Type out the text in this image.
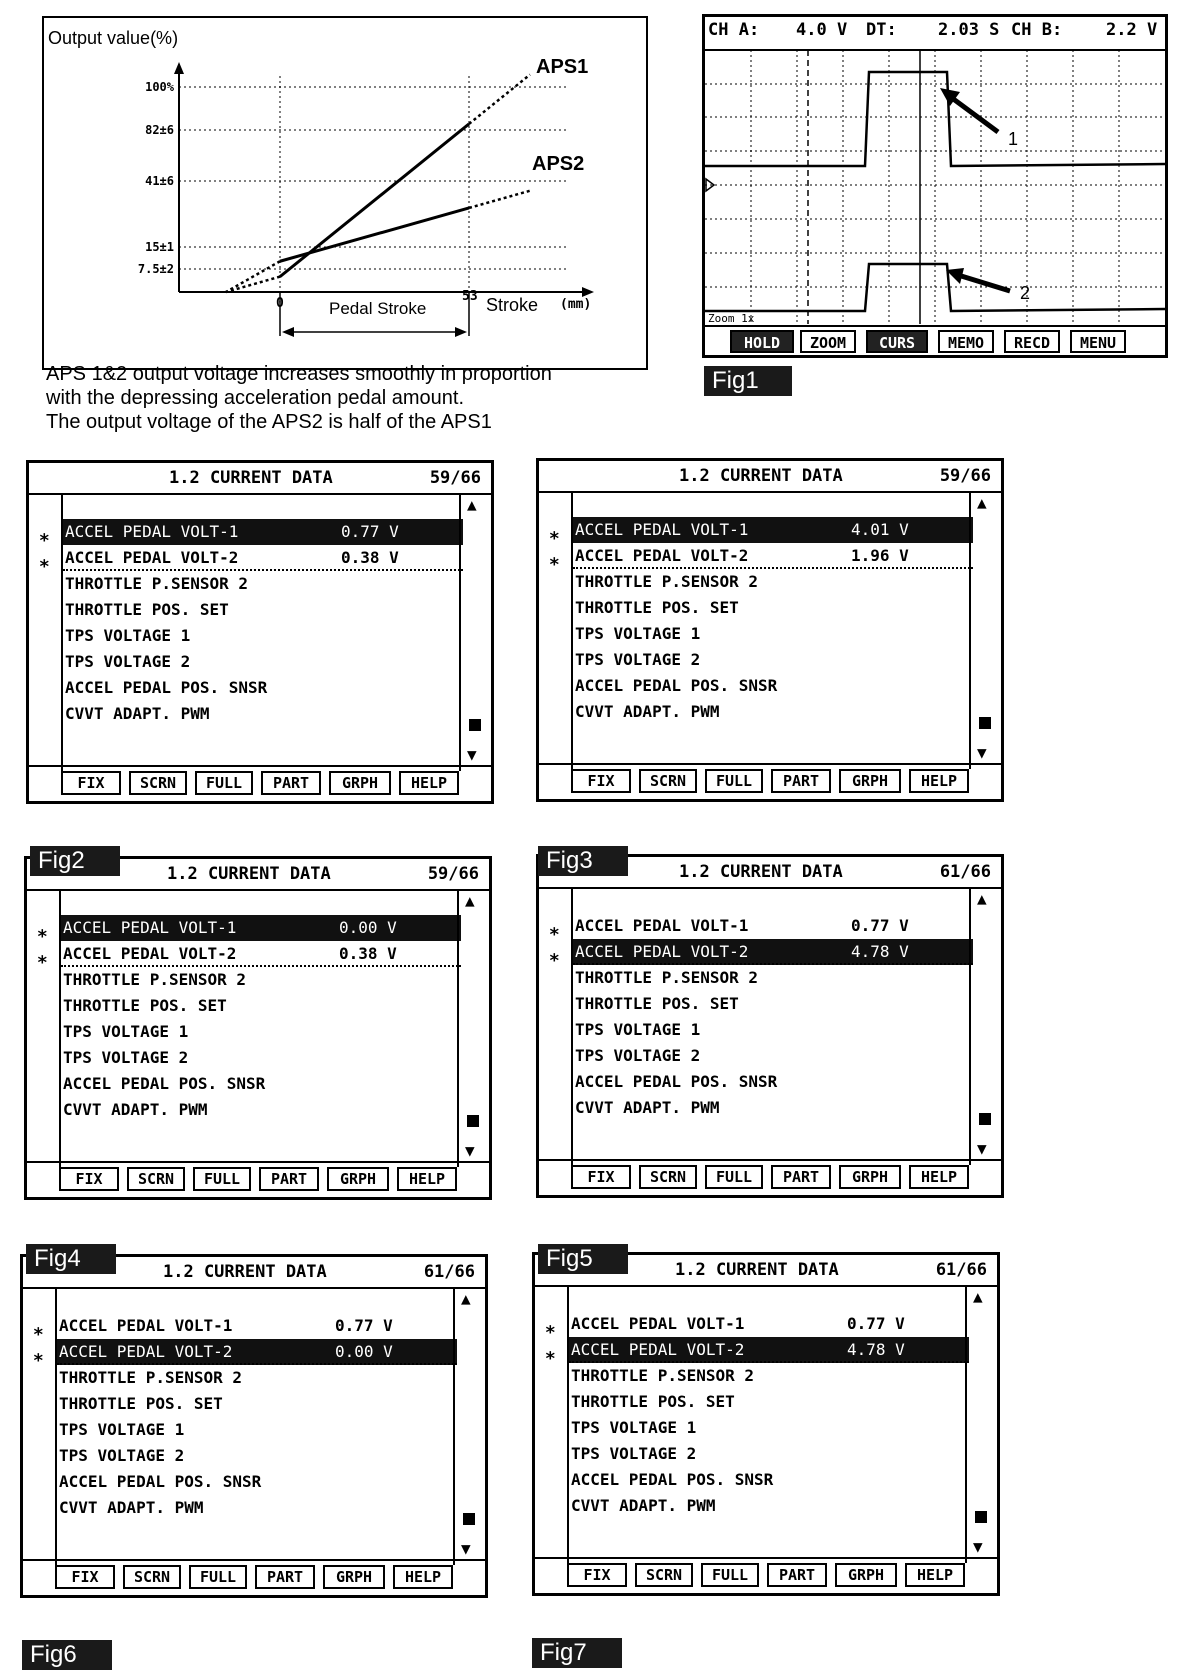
Output value(%)
100%
82±6
41±6
15±1
7.5±2
0	53 Stroke (mm)
Pedal Stroke
APS1
APS2
APS 1&2 output voltage increases smoothly in proportion
with the depressing acceleration pedal amount.
The output voltage of the APS2 is half of the APS1
1
2
Zoom 1x
CH A: 4.0 V DT: 2.03 S CH B:	2.2 V
HOLD	ZOOM	CURS	MEMO	RECD	MENU
Fig1
1.2 CURRENT DATA	59/66
∗
∗
ACCEL PEDAL VOLT-1	0.77 V
ACCEL PEDAL VOLT-2	0.38 V
THROTTLE P.SENSOR 2
THROTTLE POS. SET
TPS VOLTAGE 1
TPS VOLTAGE 2
ACCEL PEDAL POS. SNSR
CVVT ADAPT. PWM
▲
▼
FIX	SCRN	FULL	PART	GRPH	HELP
1.2 CURRENT DATA	59/66
∗
∗
ACCEL PEDAL VOLT-1	4.01 V
ACCEL PEDAL VOLT-2	1.96 V
THROTTLE P.SENSOR 2
THROTTLE POS. SET
TPS VOLTAGE 1
TPS VOLTAGE 2
ACCEL PEDAL POS. SNSR
CVVT ADAPT. PWM
▲
▼
FIX	SCRN	FULL	PART	GRPH	HELP
1.2 CURRENT DATA	59/66
∗
∗
ACCEL PEDAL VOLT-1	0.00 V
ACCEL PEDAL VOLT-2	0.38 V
THROTTLE P.SENSOR 2
THROTTLE POS. SET
TPS VOLTAGE 1
TPS VOLTAGE 2
ACCEL PEDAL POS. SNSR
CVVT ADAPT. PWM
▲
▼
FIX	SCRN	FULL	PART	GRPH	HELP
1.2 CURRENT DATA	61/66
∗
∗
ACCEL PEDAL VOLT-1	0.77 V
ACCEL PEDAL VOLT-2	4.78 V
THROTTLE P.SENSOR 2
THROTTLE POS. SET
TPS VOLTAGE 1
TPS VOLTAGE 2
ACCEL PEDAL POS. SNSR
CVVT ADAPT. PWM
▲
▼
FIX	SCRN	FULL	PART	GRPH	HELP
1.2 CURRENT DATA	61/66
∗
∗
ACCEL PEDAL VOLT-1	0.77 V
ACCEL PEDAL VOLT-2	0.00 V
THROTTLE P.SENSOR 2
THROTTLE POS. SET
TPS VOLTAGE 1
TPS VOLTAGE 2
ACCEL PEDAL POS. SNSR
CVVT ADAPT. PWM
▲
▼
FIX	SCRN	FULL	PART	GRPH	HELP
1.2 CURRENT DATA	61/66
∗
∗
ACCEL PEDAL VOLT-1	0.77 V
ACCEL PEDAL VOLT-2	4.78 V
THROTTLE P.SENSOR 2
THROTTLE POS. SET
TPS VOLTAGE 1
TPS VOLTAGE 2
ACCEL PEDAL POS. SNSR
CVVT ADAPT. PWM
▲
▼
FIX	SCRN	FULL	PART	GRPH	HELP
Fig2	Fig3
Fig4	Fig5
Fig6	Fig7
